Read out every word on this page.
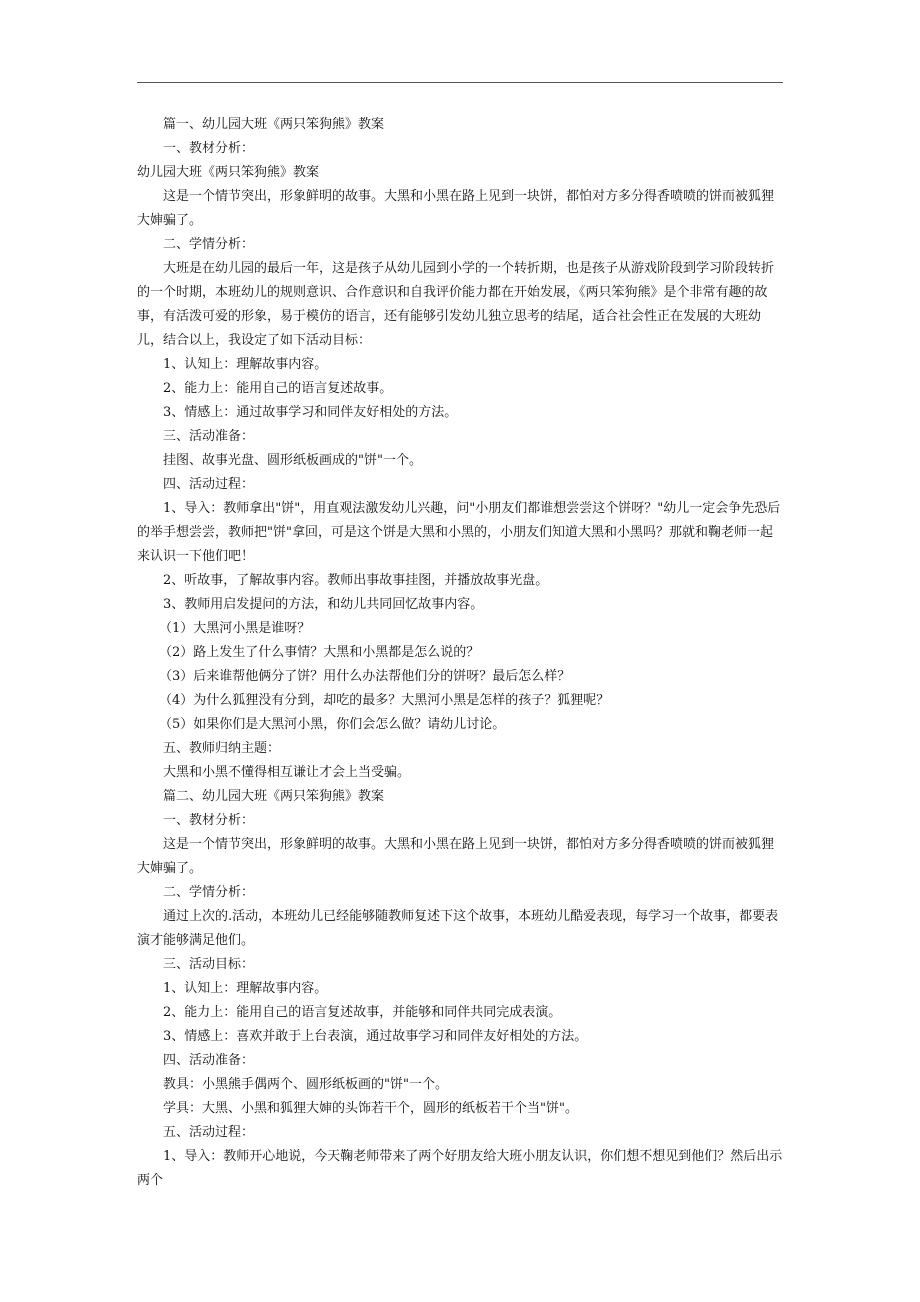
篇一、幼儿园大班《两只笨狗熊》教案

一、教材分析：

幼儿园大班《两只笨狗熊》教案

这是一个情节突出，形象鲜明的故事。大黑和小黑在路上见到一块饼，都怕对方多分得香喷喷的饼而被狐狸大婶骗了。

二、学情分析：

大班是在幼儿园的最后一年，这是孩子从幼儿园到小学的一个转折期，也是孩子从游戏阶段到学习阶段转折的一个时期，本班幼儿的规则意识、合作意识和自我评价能力都在开始发展，《两只笨狗熊》是个非常有趣的故事，有活泼可爱的形象，易于模仿的语言，还有能够引发幼儿独立思考的结尾，适合社会性正在发展的大班幼儿，结合以上，我设定了如下活动目标：

1、认知上：理解故事内容。

2、能力上：能用自己的语言复述故事。

3、情感上：通过故事学习和同伴友好相处的方法。

三、活动准备：

挂图、故事光盘、圆形纸板画成的"饼"一个。

四、活动过程：

1、导入：教师拿出"饼"，用直观法激发幼儿兴趣，问"小朋友们都谁想尝尝这个饼呀？"幼儿一定会争先恐后的举手想尝尝，教师把"饼"拿回，可是这个饼是大黑和小黑的，小朋友们知道大黑和小黑吗？那就和鞠老师一起来认识一下他们吧！

2、听故事，了解故事内容。教师出事故事挂图，并播放故事光盘。

3、教师用启发提问的方法，和幼儿共同回忆故事内容。

（1）大黑河小黑是谁呀？

（2）路上发生了什么事情？大黑和小黑都是怎么说的？

（3）后来谁帮他俩分了饼？用什么办法帮他们分的饼呀？最后怎么样？

（4）为什么狐狸没有分到，却吃的最多？大黑河小黑是怎样的孩子？狐狸呢？

（5）如果你们是大黑河小黑，你们会怎么做？请幼儿讨论。

五、教师归纳主题：

大黑和小黑不懂得相互谦让才会上当受骗。

篇二、幼儿园大班《两只笨狗熊》教案

一、教材分析：

这是一个情节突出，形象鲜明的故事。大黑和小黑在路上见到一块饼，都怕对方多分得香喷喷的饼而被狐狸大婶骗了。

二、学情分析：

通过上次的.活动，本班幼儿已经能够随教师复述下这个故事，本班幼儿酷爱表现，每学习一个故事，都要表演才能够满足他们。

三、活动目标：

1、认知上：理解故事内容。

2、能力上：能用自己的语言复述故事，并能够和同伴共同完成表演。

3、情感上：喜欢并敢于上台表演，通过故事学习和同伴友好相处的方法。

四、活动准备：

教具：小黑熊手偶两个、圆形纸板画的"饼"一个。

学具：大黑、小黑和狐狸大婶的头饰若干个，圆形的纸板若干个当"饼"。

五、活动过程：

1、导入：教师开心地说，今天鞠老师带来了两个好朋友给大班小朋友认识，你们想不想见到他们？然后出示两个
